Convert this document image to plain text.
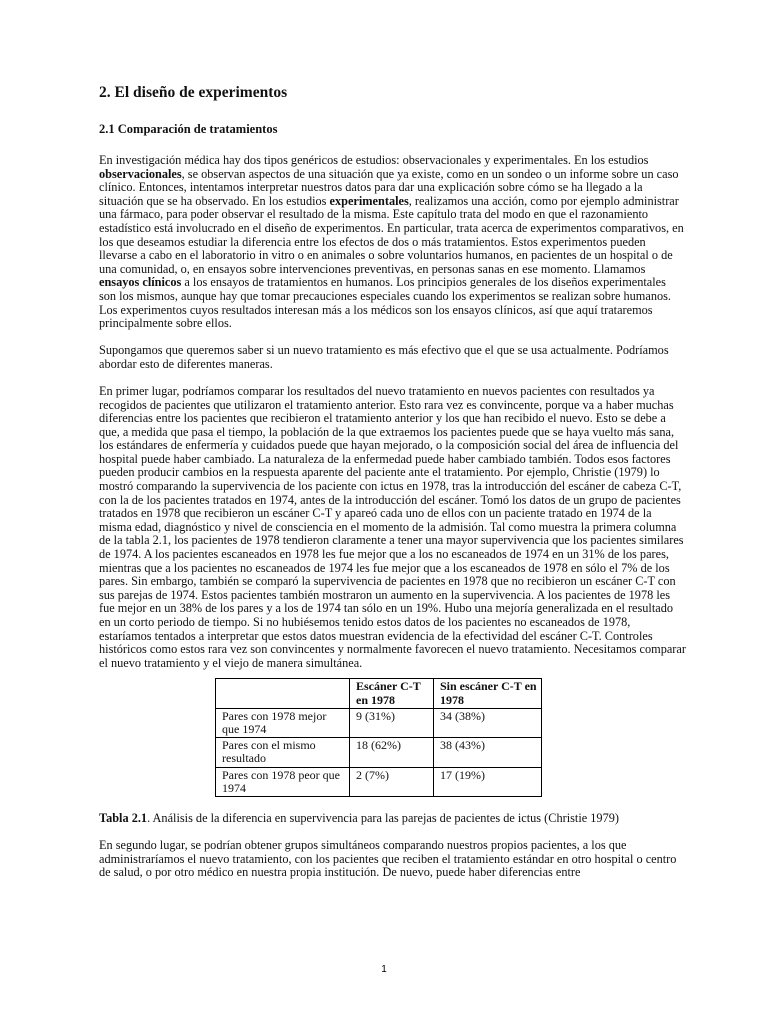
2. El diseño de experimentos
2.1 Comparación de tratamientos

En investigación médica hay dos tipos genéricos de estudios: observacionales y experimentales. En los estudios observacionales, se observan aspectos de una situación que ya existe, como en un sondeo o un informe sobre un caso clínico. Entonces, intentamos interpretar nuestros datos para dar una explicación sobre cómo se ha llegado a la situación que se ha observado. En los estudios experimentales, realizamos una acción, como por ejemplo administrar una fármaco, para poder observar el resultado de la misma. Este capítulo trata del modo en que el razonamiento estadístico está involucrado en el diseño de experimentos. En particular, trata acerca de experimentos comparativos, en los que deseamos estudiar la diferencia entre los efectos de dos o más tratamientos. Estos experimentos pueden llevarse a cabo en el laboratorio in vitro o en animales o sobre voluntarios humanos, en pacientes de un hospital o de una comunidad, o, en ensayos sobre intervenciones preventivas, en personas sanas en ese momento. Llamamos ensayos clínicos a los ensayos de tratamientos en humanos. Los principios generales de los diseños experimentales son los mismos, aunque hay que tomar precauciones especiales cuando los experimentos se realizan sobre humanos. Los experimentos cuyos resultados interesan más a los médicos son los ensayos clínicos, así que aquí trataremos principalmente sobre ellos.

Supongamos que queremos saber si un nuevo tratamiento es más efectivo que el que se usa actualmente. Podríamos abordar esto de diferentes maneras.

En primer lugar, podríamos comparar los resultados del nuevo tratamiento en nuevos pacientes con resultados ya recogidos de pacientes que utilizaron el tratamiento anterior. Esto rara vez es convincente, porque va a haber muchas diferencias entre los pacientes que recibieron el tratamiento anterior y los que han recibido el nuevo. Esto se debe a que, a medida que pasa el tiempo, la población de la que extraemos los pacientes puede que se haya vuelto más sana, los estándares de enfermería y cuidados puede que hayan mejorado, o la composición social del área de influencia del hospital puede haber cambiado. La naturaleza de la enfermedad puede haber cambiado también. Todos esos factores pueden producir cambios en la respuesta aparente del paciente ante el tratamiento. Por ejemplo, Christie (1979) lo mostró comparando la supervivencia de los paciente con ictus en 1978, tras la introducción del escáner de cabeza C-T, con la de los pacientes tratados en 1974, antes de la introducción del escáner. Tomó los datos de un grupo de pacientes tratados en 1978 que recibieron un escáner C-T y apareó cada uno de ellos con un paciente tratado en 1974 de la misma edad, diagnóstico y nivel de consciencia en el momento de la admisión. Tal como muestra la primera columna de la tabla 2.1, los pacientes de 1978 tendieron claramente a tener una mayor supervivencia que los pacientes similares de 1974. A los pacientes escaneados en 1978 les fue mejor que a los no escaneados de 1974 en un 31% de los pares, mientras que a los pacientes no escaneados de 1974 les fue mejor que a los escaneados de 1978 en sólo el 7% de los pares. Sin embargo, también se comparó la supervivencia de pacientes en 1978 que no recibieron un escáner C-T con sus parejas de 1974. Estos pacientes también mostraron un aumento en la supervivencia. A los pacientes de 1978 les fue mejor en un 38% de los pares y a los de 1974 tan sólo en un 19%. Hubo una mejoría generalizada en el resultado en un corto periodo de tiempo. Si no hubiésemos tenido estos datos de los pacientes no escaneados de 1978, estaríamos tentados a interpretar que estos datos muestran evidencia de la efectividad del escáner C-T. Controles históricos como estos rara vez son convincentes y normalmente favorecen el nuevo tratamiento. Necesitamos comparar el nuevo tratamiento y el viejo de manera simultánea.

	Escáner C-T en 1978	Sin escáner C-T en 1978
Pares con 1978 mejor que 1974	9 (31%)	34 (38%)
Pares con el mismo resultado	18 (62%)	38 (43%)
Pares con 1978 peor que 1974	2 (7%)	17 (19%)

Tabla 2.1. Análisis de la diferencia en supervivencia para las parejas de pacientes de ictus (Christie 1979)

En segundo lugar, se podrían obtener grupos simultáneos comparando nuestros propios pacientes, a los que administraríamos el nuevo tratamiento, con los pacientes que reciben el tratamiento estándar en otro hospital o centro de salud, o por otro médico en nuestra propia institución. De nuevo, puede haber diferencias entre

1
